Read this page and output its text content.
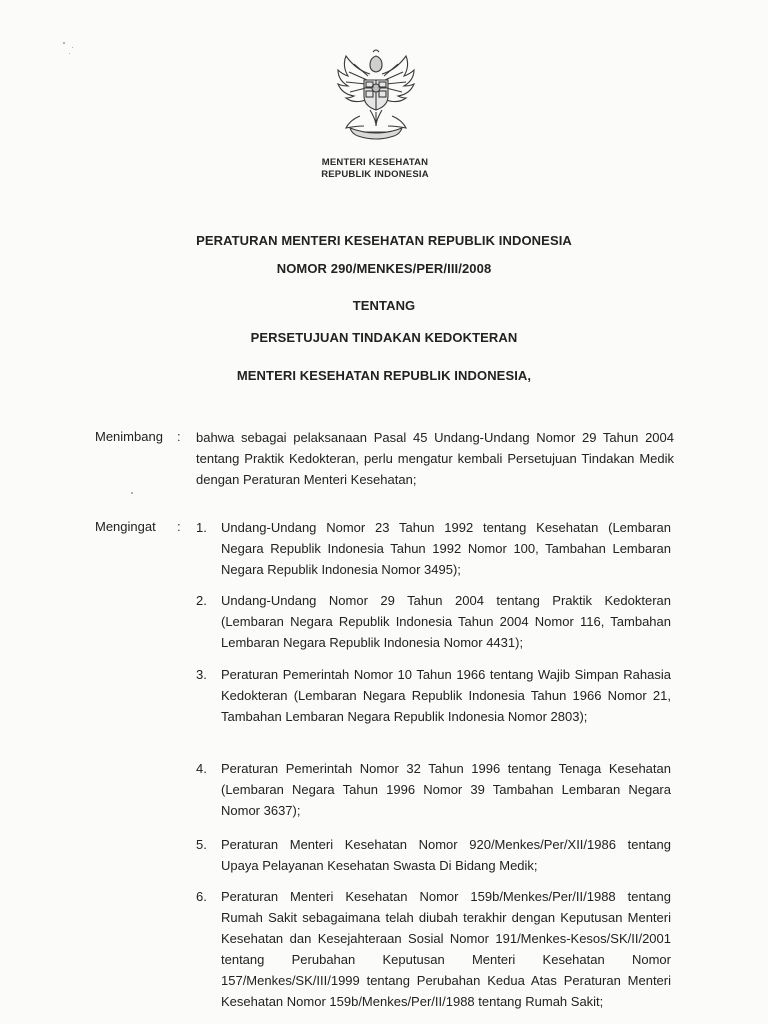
MENTERI KESEHATAN
REPUBLIK INDONESIA
PERATURAN MENTERI KESEHATAN REPUBLIK INDONESIA
NOMOR 290/MENKES/PER/III/2008
TENTANG
PERSETUJUAN TINDAKAN KEDOKTERAN
MENTERI KESEHATAN REPUBLIK INDONESIA,
Menimbang : bahwa sebagai pelaksanaan Pasal 45 Undang-Undang Nomor 29 Tahun 2004 tentang Praktik Kedokteran, perlu mengatur kembali Persetujuan Tindakan Medik dengan Peraturan Menteri Kesehatan;
Mengingat : 1.	Undang-Undang Nomor 23 Tahun 1992 tentang Kesehatan (Lembaran Negara Republik Indonesia Tahun 1992 Nomor 100, Tambahan Lembaran Negara Republik Indonesia Nomor 3495);
2.	Undang-Undang Nomor 29 Tahun 2004 tentang Praktik Kedokteran (Lembaran Negara Republik Indonesia Tahun 2004 Nomor 116, Tambahan Lembaran Negara Republik Indonesia Nomor 4431);
3.	Peraturan Pemerintah Nomor 10 Tahun 1966 tentang Wajib Simpan Rahasia Kedokteran (Lembaran Negara Republik Indonesia Tahun 1966 Nomor 21, Tambahan Lembaran Negara Republik Indonesia Nomor 2803);
4.	Peraturan Pemerintah Nomor 32 Tahun 1996 tentang Tenaga Kesehatan (Lembaran Negara Tahun 1996 Nomor 39 Tambahan Lembaran Negara Nomor 3637);
5.	Peraturan Menteri Kesehatan Nomor 920/Menkes/Per/XII/1986 tentang Upaya Pelayanan Kesehatan Swasta Di Bidang Medik;
6.	Peraturan Menteri Kesehatan Nomor 159b/Menkes/Per/II/1988 tentang Rumah Sakit sebagaimana telah diubah terakhir dengan Keputusan Menteri Kesehatan dan Kesejahteraan Sosial Nomor 191/Menkes-Kesos/SK/II/2001 tentang Perubahan Keputusan Menteri Kesehatan Nomor 157/Menkes/SK/III/1999 tentang Perubahan Kedua Atas Peraturan Menteri Kesehatan Nomor 159b/Menkes/Per/II/1988 tentang Rumah Sakit;
